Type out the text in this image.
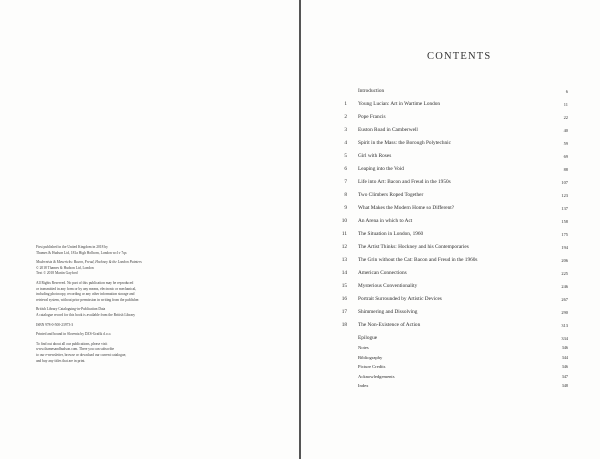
First published in the United Kingdom in 2018 by
Thames & Hudson Ltd, 181a High Holborn, London wc1v 7qx

Modernists & Mavericks: Bacon, Freud, Hockney & the London Painters
© 2018 Thames & Hudson Ltd, London
Text © 2018 Martin Gayford

All Rights Reserved. No part of this publication may be reproduced
or transmitted in any form or by any means, electronic or mechanical,
including photocopy, recording or any other information storage and
retrieval system, without prior permission in writing from the publisher.

British Library Cataloguing-in-Publication Data
A catalogue record for this book is available from the British Library

ISBN 978-0-500-23973-3

Printed and bound in Slovenia by DZS-Grafik d.o.o.

To find out about all our publications, please visit
www.thamesandhudson.com. There you can subscribe
to our e-newsletter, browse or download our current catalogue,
and buy any titles that are in print.

CONTENTS
Introduction	6
1 Young Lucian: Art in Wartime London	11
2 Pope Francis	22
3 Euston Road in Camberwell	40
4 Spirit in the Mass: the Borough Polytechnic	59
5 Girl with Roses	69
6 Leaping into the Void	88
7 Life into Art: Bacon and Freud in the 1950s	107
8 Two Climbers Roped Together	123
9 What Makes the Modern Home so Different?	137
10 An Arena in which to Act	158
11 The Situation in London, 1960	175
12 The Artist Thinks: Hockney and his Contemporaries	194
13 The Grin without the Cat: Bacon and Freud in the 1960s	206
14 American Connections	225
15 Mysterious Conventionality	246
16 Portrait Surrounded by Artistic Devices	267
17 Shimmering and Dissolving	290
18 The Non-Existence of Action	313
Epilogue	334
Notes	346
Bibliography	344
Picture Credits	346
Acknowledgements	347
Index	348
